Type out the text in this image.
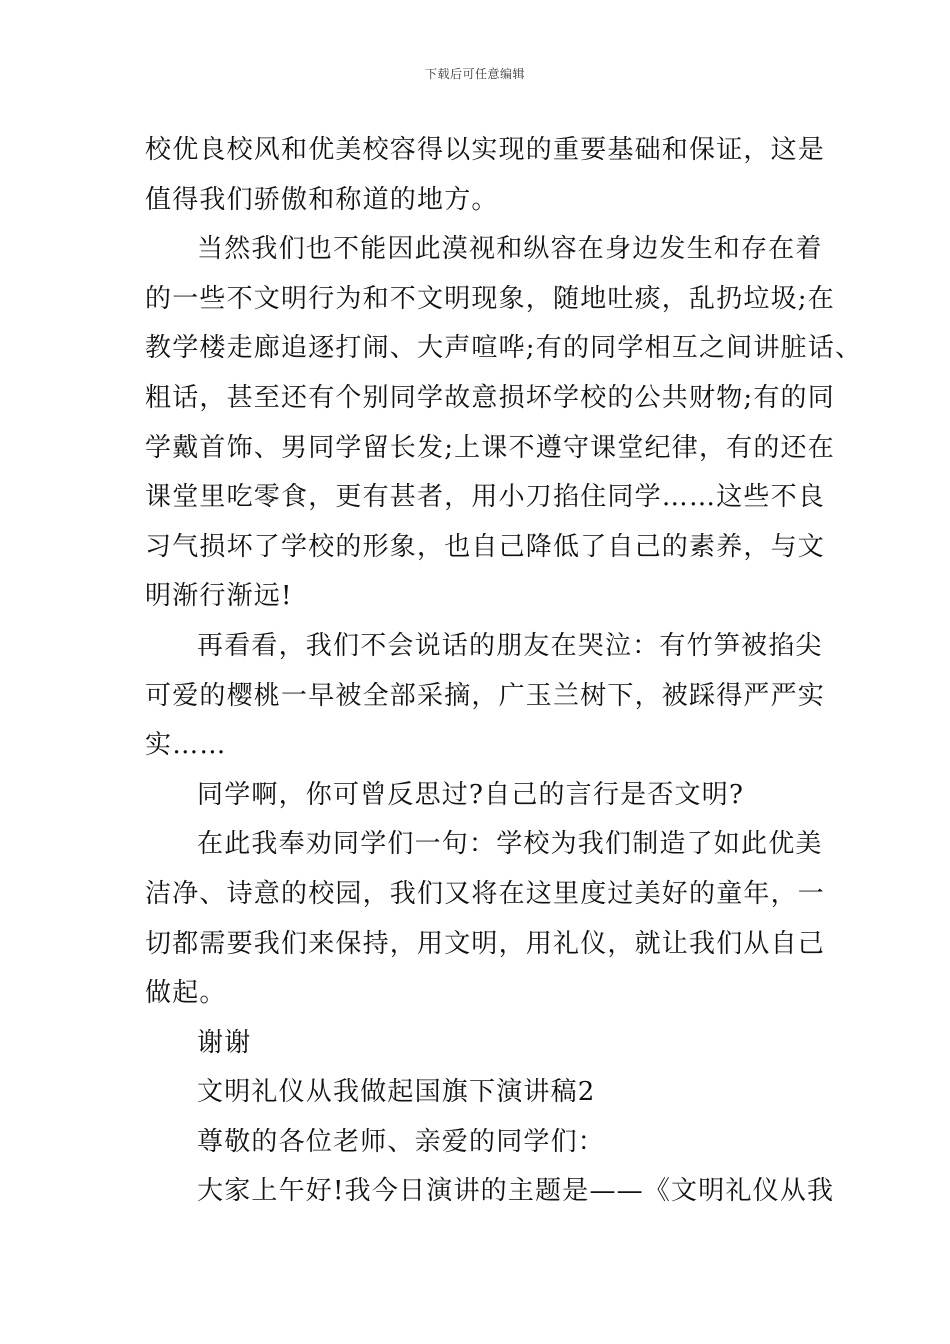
下载后可任意编辑
校优良校风和优美校容得以实现的重要基础和保证，这是
值得我们骄傲和称道的地方。
当然我们也不能因此漠视和纵容在身边发生和存在着
的一些不文明行为和不文明现象，随地吐痰，乱扔垃圾;在
教学楼走廊追逐打闹、大声喧哗;有的同学相互之间讲脏话、
粗话，甚至还有个别同学故意损坏学校的公共财物;有的同
学戴首饰、男同学留长发;上课不遵守课堂纪律，有的还在
课堂里吃零食，更有甚者，用小刀掐住同学……这些不良
习气损坏了学校的形象，也自己降低了自己的素养，与文
明渐行渐远!
再看看，我们不会说话的朋友在哭泣：有竹笋被掐尖
可爱的樱桃一早被全部采摘，广玉兰树下，被踩得严严实
实……
同学啊，你可曾反思过?自己的言行是否文明?
在此我奉劝同学们一句：学校为我们制造了如此优美
洁净、诗意的校园，我们又将在这里度过美好的童年，一
切都需要我们来保持，用文明，用礼仪，就让我们从自己
做起。
谢谢
文明礼仪从我做起国旗下演讲稿2
尊敬的各位老师、亲爱的同学们：
大家上午好!我今日演讲的主题是——《文明礼仪从我
